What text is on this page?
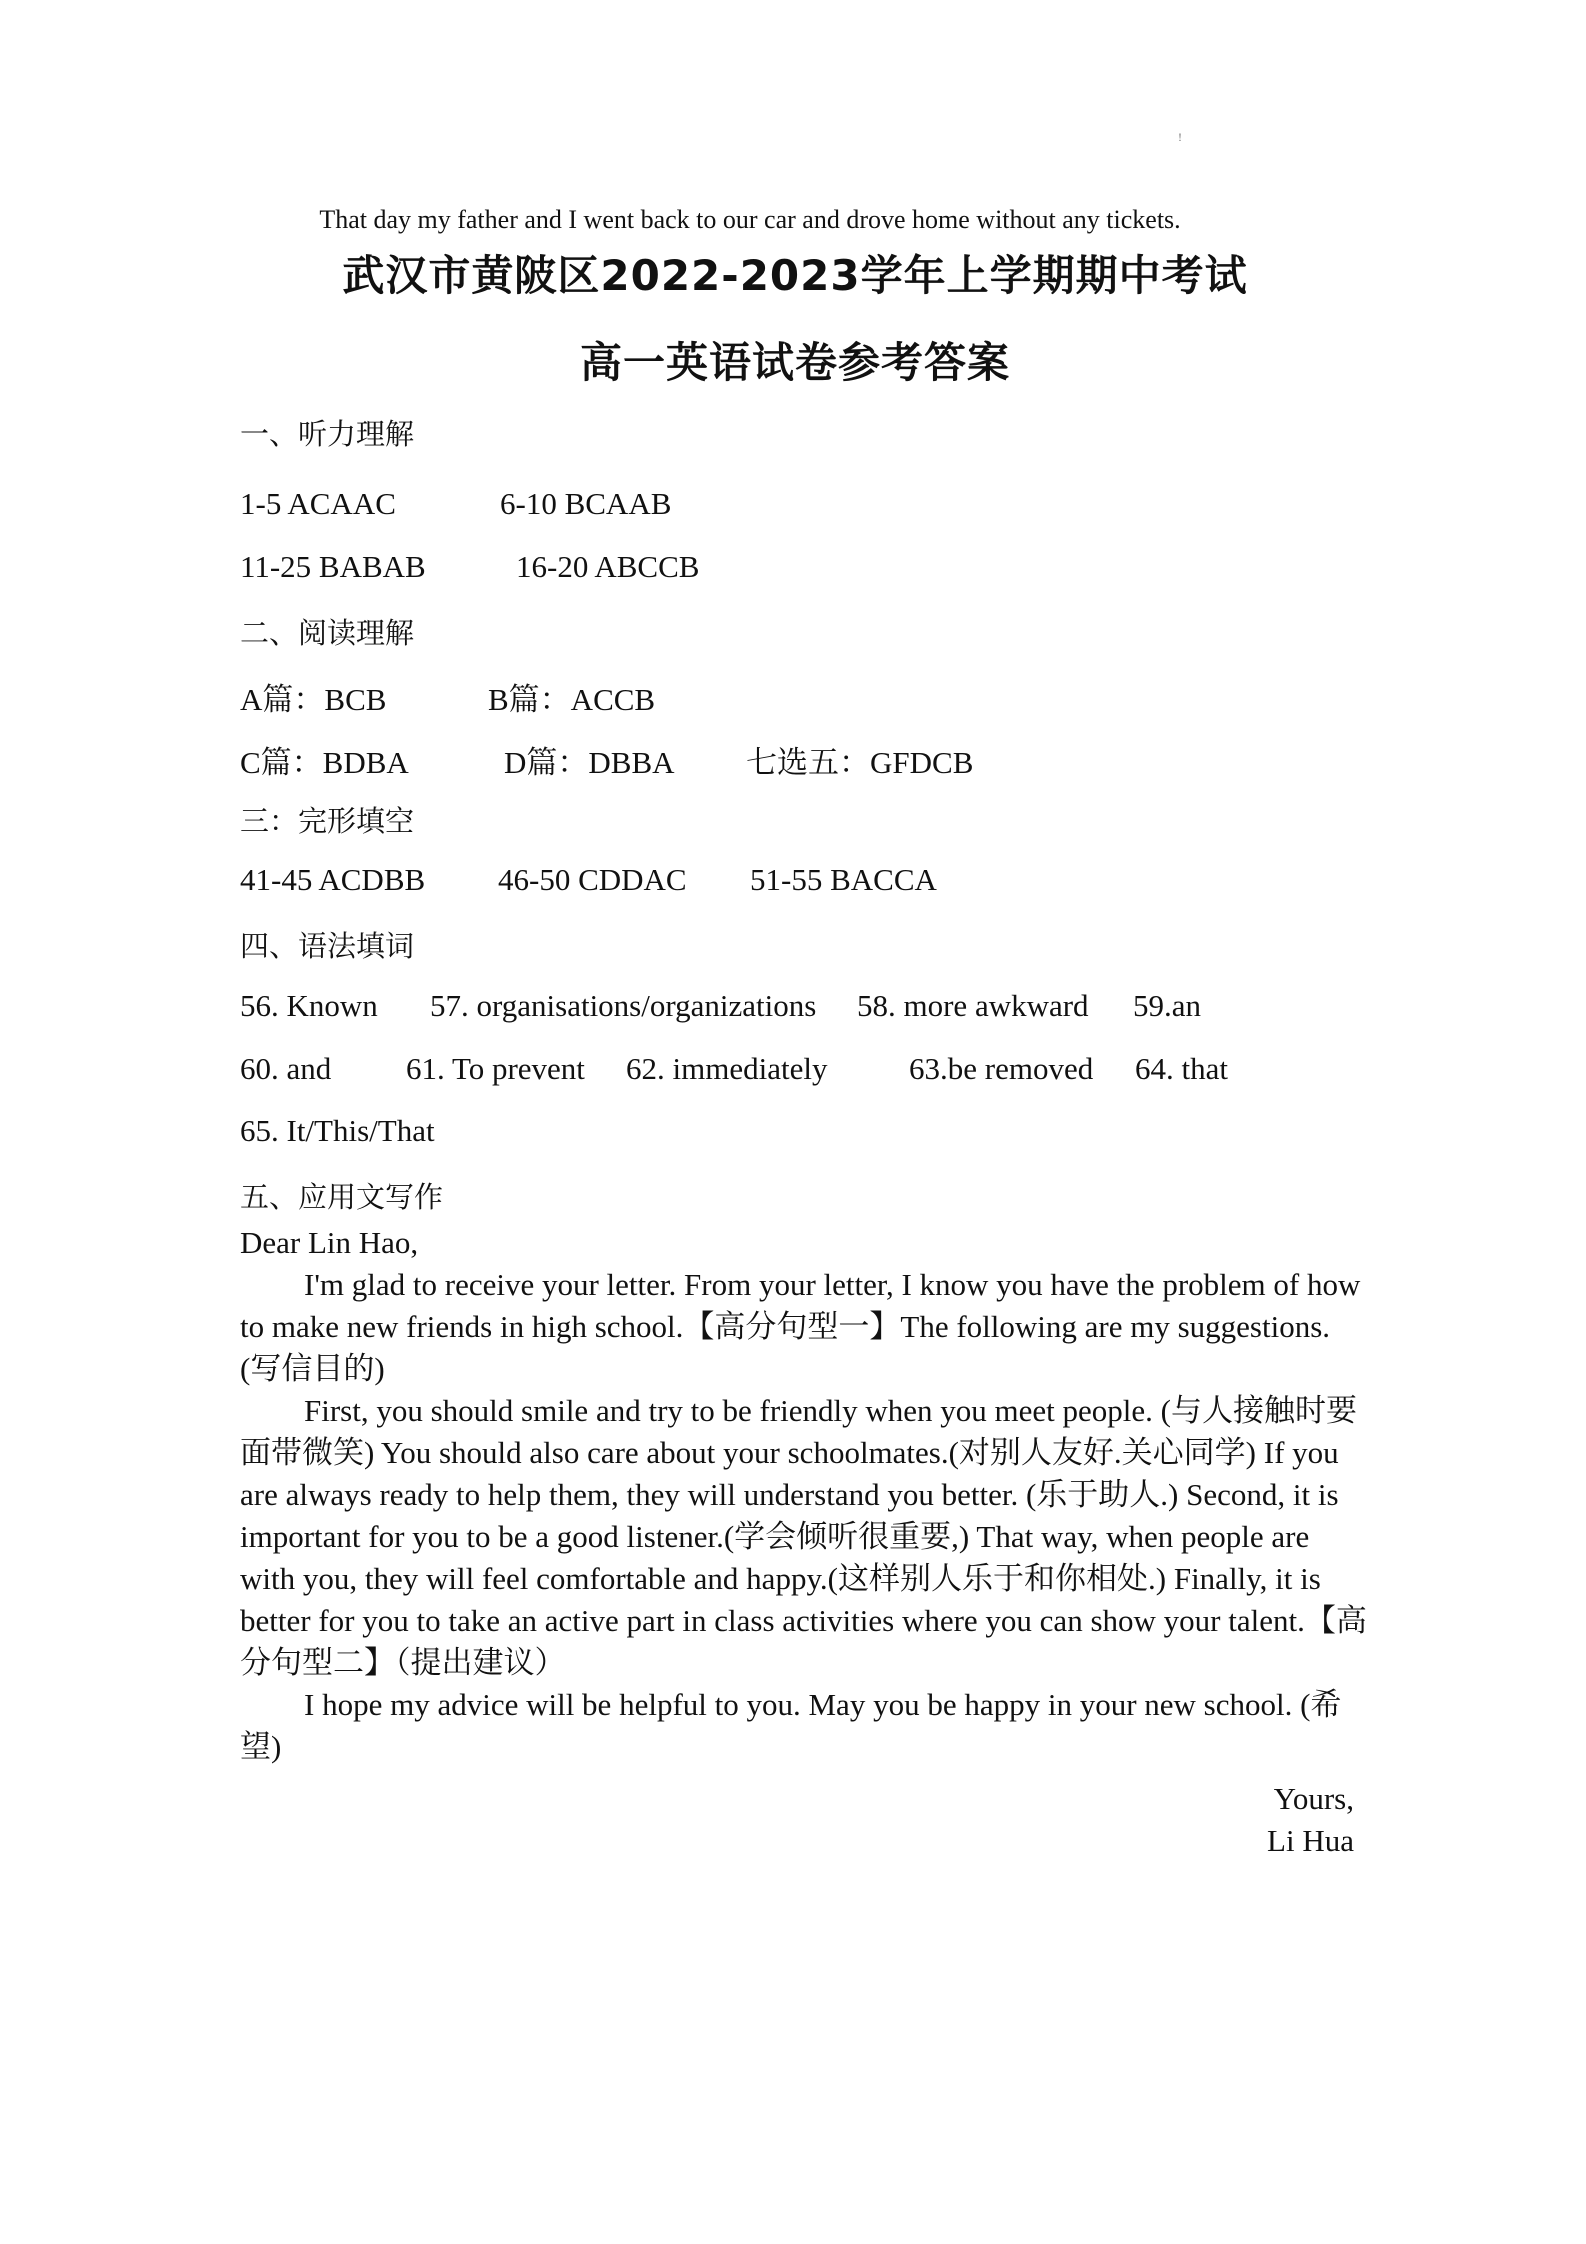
!
That day my father and I went back to our car and drove home without any tickets.
武汉市黄陂区2022-2023学年上学期期中考试
高一英语试卷参考答案
一、听力理解
1-5 ACAAC	6-10 BCAAB
11-25 BABAB	16-20 ABCCB
二、阅读理解
A篇：BCB	B篇：ACCB
C篇：BDBA	D篇：DBBA 七选五：GFDCB
三：完形填空
41-45 ACDBB 46-50 CDDAC 51-55 BACCA
四、语法填词
56. Known 57. organisations/organizations 58. more awkward 59.an
60. and 61. To prevent 62. immediately	63.be removed 64. that
65. It/This/That
五、应用文写作

Dear Lin Hao,

I'm glad to receive your letter. From your letter, I know you have the problem of how to make new friends in high school.【高分句型一】The following are my suggestions.(写信目的)

First, you should smile and try to be friendly when you meet people. (与人接触时要面带微笑) You should also care about your schoolmates.(对别人友好.关心同学) If you are always ready to help them, they will understand you better. (乐于助人.) Second, it is important for you to be a good listener.(学会倾听很重要,) That way, when people are with you, they will feel comfortable and happy.(这样别人乐于和你相处.) Finally, it is better for you to take an active part in class activities where you can show your talent.【高分句型二】（提出建议）

I hope my advice will be helpful to you. May you be happy in your new school. (希望)

Yours,

Li Hua
